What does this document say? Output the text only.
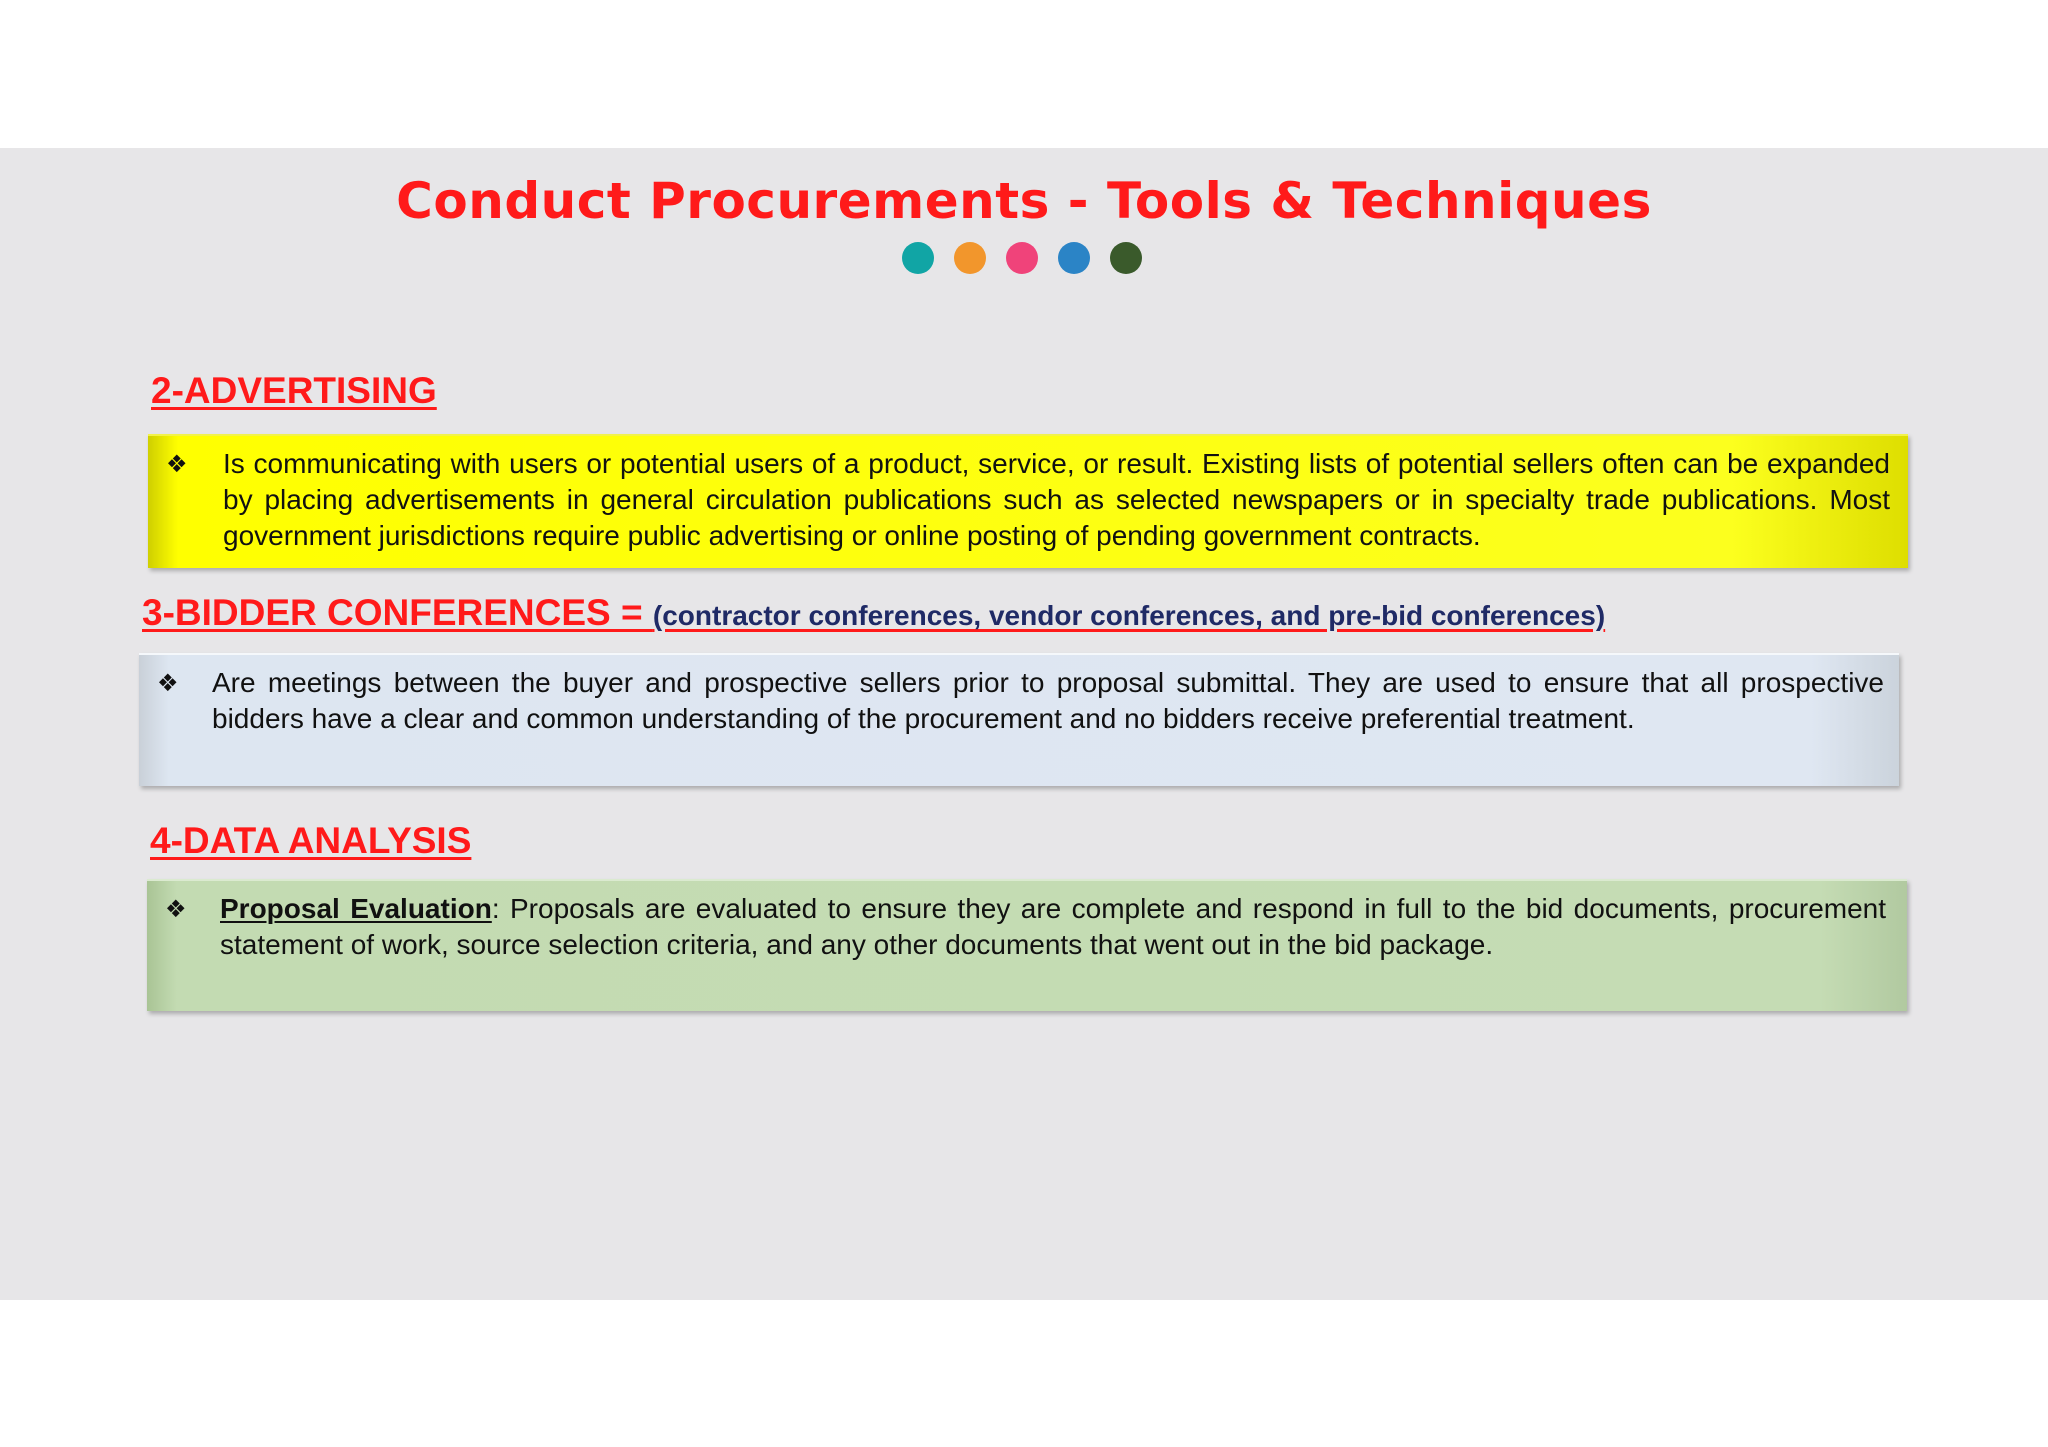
Conduct Procurements - Tools & Techniques
2-ADVERTISING
❖ Is communicating with users or potential users of a product, service, or result. Existing lists of potential sellers often can be expanded by placing advertisements in general circulation publications such as selected newspapers or in specialty trade publications. Most government jurisdictions require public advertising or online posting of pending government contracts.
3-BIDDER CONFERENCES = (contractor conferences, vendor conferences, and pre-bid conferences)
❖ Are meetings between the buyer and prospective sellers prior to proposal submittal. They are used to ensure that all prospective bidders have a clear and common understanding of the procurement and no bidders receive preferential treatment.
4-DATA ANALYSIS
❖ Proposal Evaluation: Proposals are evaluated to ensure they are complete and respond in full to the bid documents, procurement statement of work, source selection criteria, and any other documents that went out in the bid package.
